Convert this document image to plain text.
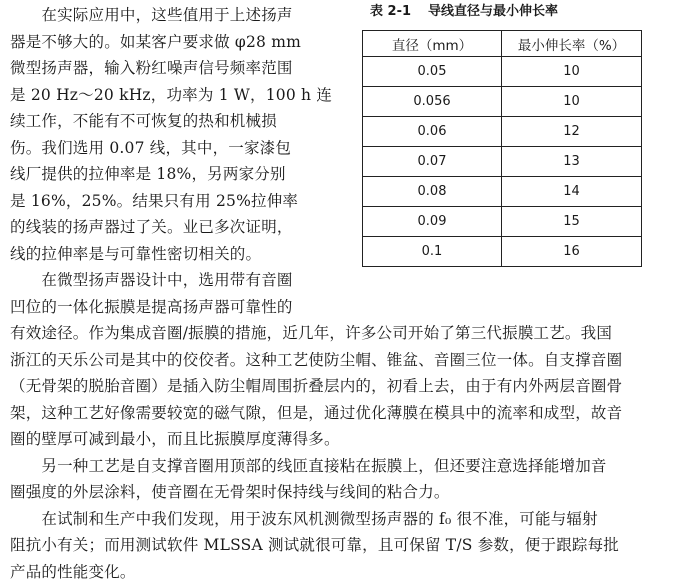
　　在实际应用中，这些值用于上述扬声
器是不够大的。如某客户要求做 φ28 mm
微型扬声器，输入粉红噪声信号频率范围
是 20 Hz～20 kHz，功率为 1 W，100 h 连
续工作，不能有不可恢复的热和机械损
伤。我们选用 0.07 线，其中，一家漆包
线厂提供的拉伸率是 18%，另两家分别
是 16%，25%。结果只有用 25%拉伸率
的线装的扬声器过了关。业已多次证明，
线的拉伸率是与可靠性密切相关的。
　　在微型扬声器设计中，选用带有音圈
凹位的一体化振膜是提高扬声器可靠性的
表 2-1 导线直径与最小伸长率
直径（mm）	最小伸长率（%）
0.05	10
0.056	10
0.06	12
0.07	13
0.08	14
0.09	15
0.1	16
有效途径。作为集成音圈/振膜的措施，近几年，许多公司开始了第三代振膜工艺。我国
浙江的天乐公司是其中的佼佼者。这种工艺使防尘帽、锥盆、音圈三位一体。自支撑音圈
（无骨架的脱胎音圈）是插入防尘帽周围折叠层内的，初看上去，由于有内外两层音圈骨
架，这种工艺好像需要较宽的磁气隙，但是，通过优化薄膜在模具中的流率和成型，故音
圈的壁厚可减到最小，而且比振膜厚度薄得多。
　　另一种工艺是自支撑音圈用顶部的线匝直接粘在振膜上，但还要注意选择能增加音
圈强度的外层涂料，使音圈在无骨架时保持线与线间的粘合力。
　　在试制和生产中我们发现，用于波东风机测微型扬声器的 f₀ 很不准，可能与辐射
阻抗小有关；而用测试软件 MLSSA 测试就很可靠，且可保留 T/S 参数，便于跟踪每批
产品的性能变化。
